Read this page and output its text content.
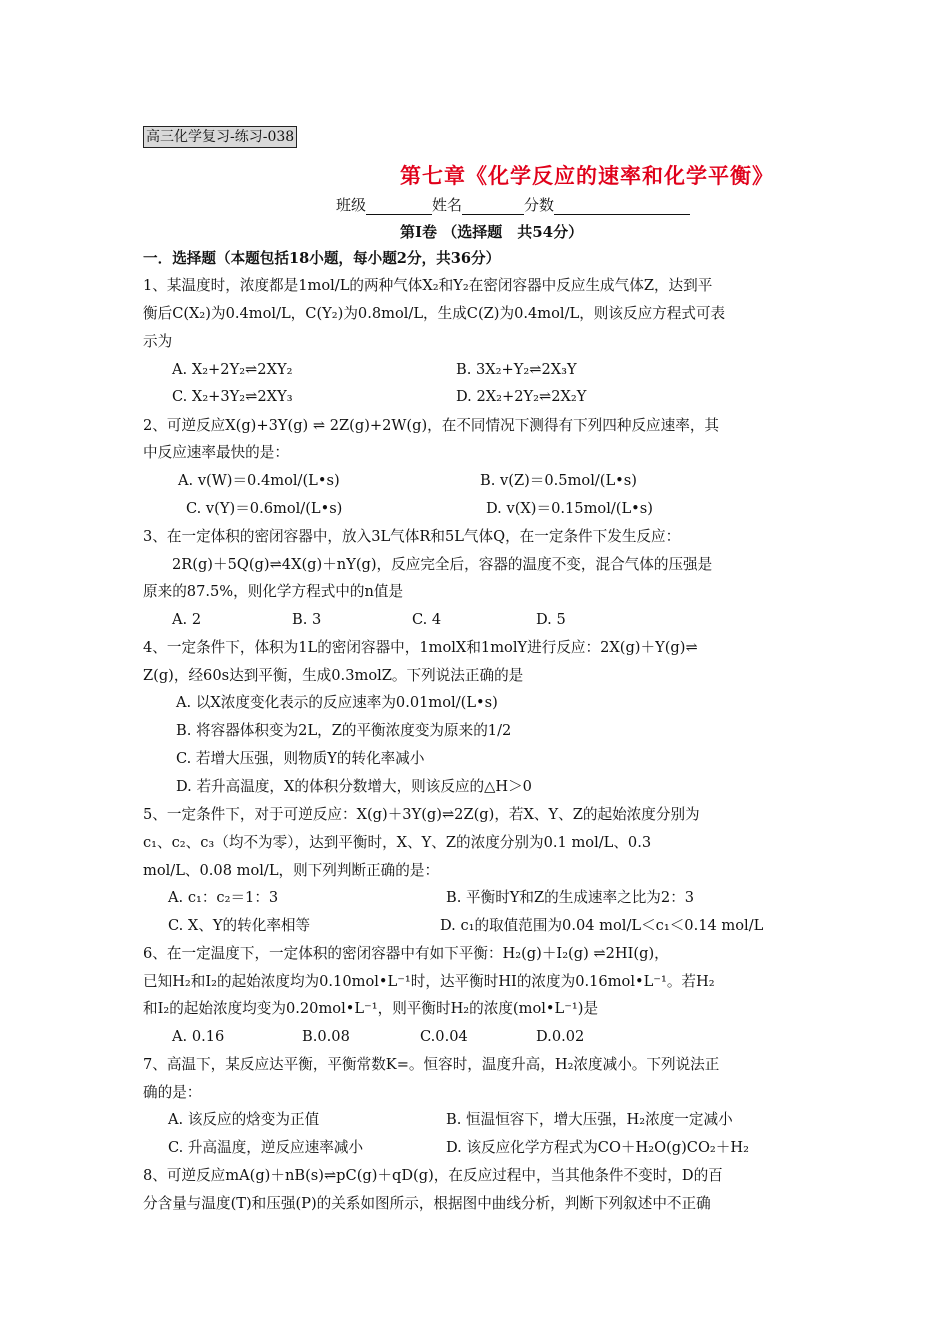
高三化学复习-练习-038
第七章《化学反应的速率和化学平衡》
班级	姓名	分数
第Ⅰ卷 （选择题　共54分）
一．选择题（本题包括18小题，每小题2分，共36分）
1、某温度时，浓度都是1mol/L的两种气体X₂和Y₂在密闭容器中反应生成气体Z，达到平
衡后C(X₂)为0.4mol/L，C(Y₂)为0.8mol/L，生成C(Z)为0.4mol/L，则该反应方程式可表
示为
A. X₂+2Y₂⇌2XY₂	B. 3X₂+Y₂⇌2X₃Y
C. X₂+3Y₂⇌2XY₃	D. 2X₂+2Y₂⇌2X₂Y
2、可逆反应X(g)+3Y(g) ⇌ 2Z(g)+2W(g)，在不同情况下测得有下列四种反应速率，其
中反应速率最快的是：
A. v(W)＝0.4mol/(L•s)	B. v(Z)＝0.5mol/(L•s)
C. v(Y)＝0.6mol/(L•s)	D. v(X)＝0.15mol/(L•s)
3、在一定体积的密闭容器中，放入3L气体R和5L气体Q，在一定条件下发生反应：
2R(g)＋5Q(g)⇌4X(g)＋nY(g)，反应完全后，容器的温度不变，混合气体的压强是
原来的87.5%，则化学方程式中的n值是
A. 2	B. 3	C. 4	D. 5
4、一定条件下，体积为1L的密闭容器中，1molX和1molY进行反应：2X(g)＋Y(g)⇌
Z(g)，经60s达到平衡，生成0.3molZ。下列说法正确的是
A. 以X浓度变化表示的反应速率为0.01mol/(L•s)
B. 将容器体积变为2L，Z的平衡浓度变为原来的1/2
C. 若增大压强，则物质Y的转化率减小
D. 若升高温度，X的体积分数增大，则该反应的△H＞0
5、一定条件下，对于可逆反应：X(g)＋3Y(g)⇌2Z(g)，若X、Y、Z的起始浓度分别为
c₁、c₂、c₃（均不为零），达到平衡时，X、Y、Z的浓度分别为0.1 mol/L、0.3
mol/L、0.08 mol/L，则下列判断正确的是：
A. c₁：c₂＝1：3	B. 平衡时Y和Z的生成速率之比为2：3
C. X、Y的转化率相等	D. c₁的取值范围为0.04 mol/L＜c₁＜0.14 mol/L
6、在一定温度下，一定体积的密闭容器中有如下平衡：H₂(g)＋I₂(g) ⇌2HI(g)，
已知H₂和I₂的起始浓度均为0.10mol•L⁻¹时，达平衡时HI的浓度为0.16mol•L⁻¹。若H₂
和I₂的起始浓度均变为0.20mol•L⁻¹，则平衡时H₂的浓度(mol•L⁻¹)是
A. 0.16	B.0.08	C.0.04	D.0.02
7、高温下，某反应达平衡，平衡常数K=。恒容时，温度升高，H₂浓度减小。下列说法正
确的是：
A. 该反应的焓变为正值	B. 恒温恒容下，增大压强，H₂浓度一定减小
C. 升高温度，逆反应速率减小	D. 该反应化学方程式为CO＋H₂O(g)CO₂＋H₂
8、可逆反应mA(g)＋nB(s)⇌pC(g)＋qD(g)，在反应过程中，当其他条件不变时，D的百
分含量与温度(T)和压强(P)的关系如图所示，根据图中曲线分析，判断下列叙述中不正确
